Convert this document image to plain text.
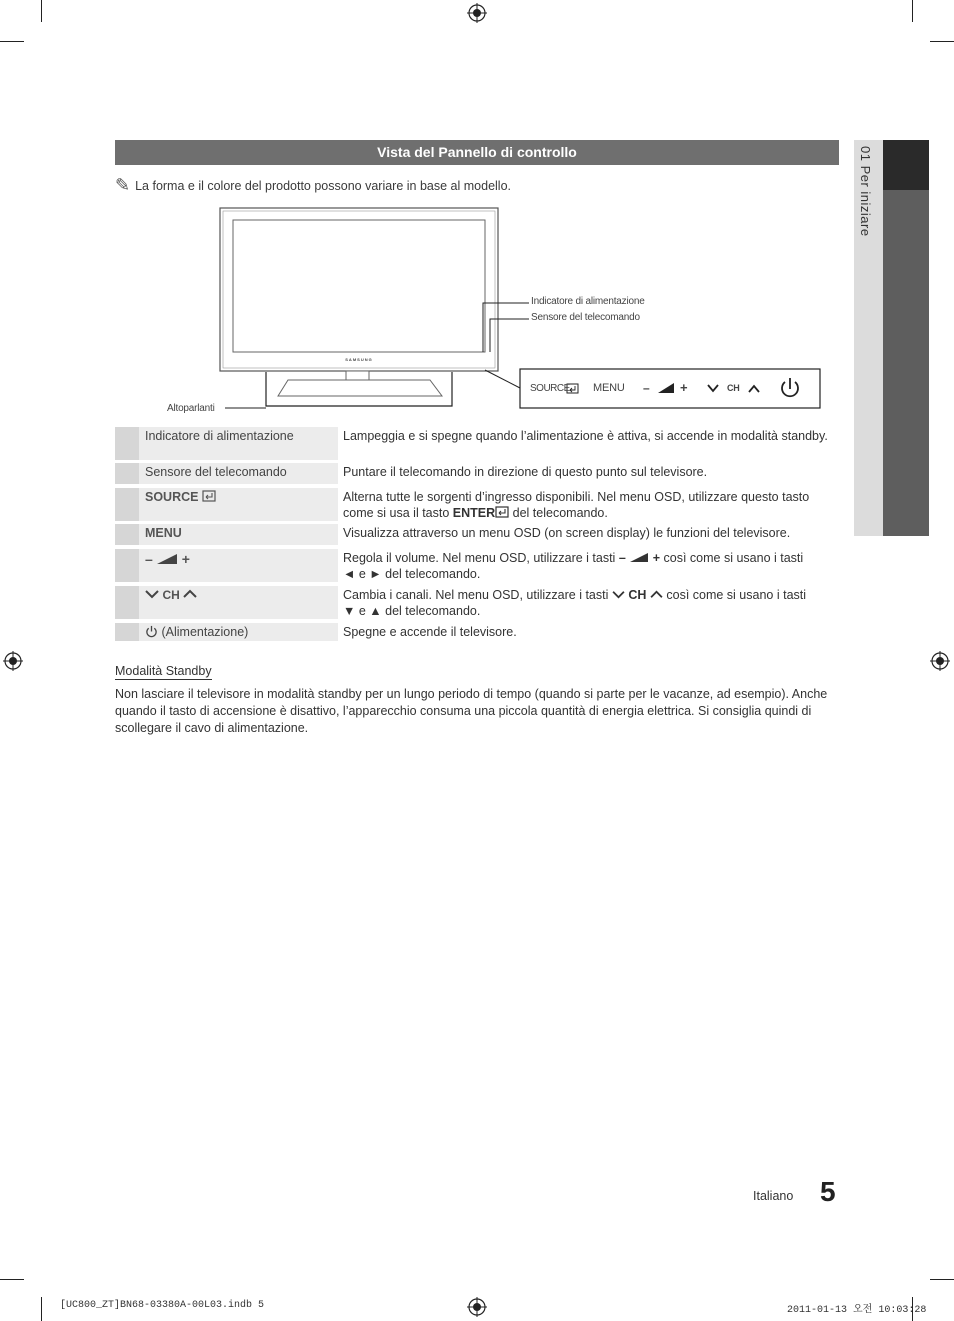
01 Per iniziare
Vista del Pannello di controllo
✎ La forma e il colore del prodotto possono variare in base al modello.
SAMSUNG
Indicatore di alimentazione
Sensore del telecomando
Altoparlanti
SOURCE MENU – +	CH
Indicatore di alimentazione	Lampeggia e si spegne quando l’alimentazione è attiva, si accende in modalità standby.
Sensore del telecomando	Puntare il telecomando in direzione di questo punto sul televisore.
SOURCE	Alterna tutte le sorgenti d’ingresso disponibili. Nel menu OSD, utilizzare questo tasto come si usa il tasto ENTER del telecomando.
MENU	Visualizza attraverso un menu OSD (on screen display) le funzioni del televisore.
– +	Regola il volume. Nel menu OSD, utilizzare i tasti – + così come si usano i tasti
◄ e ► del telecomando.
CH	Cambia i canali. Nel menu OSD, utilizzare i tasti CH così come si usano i tasti
▼ e ▲ del telecomando.
(Alimentazione)	Spegne e accende il televisore.
Modalità Standby
Non lasciare il televisore in modalità standby per un lungo periodo di tempo (quando si parte per le vacanze, ad esempio). Anche quando il tasto di accensione è disattivo, l’apparecchio consuma una piccola quantità di energia elettrica. Si consiglia quindi di scollegare il cavo di alimentazione.
Italiano 5
[UC800_ZT]BN68-03380A-00L03.indb 5	2011-01-13 오전 10:03:28
